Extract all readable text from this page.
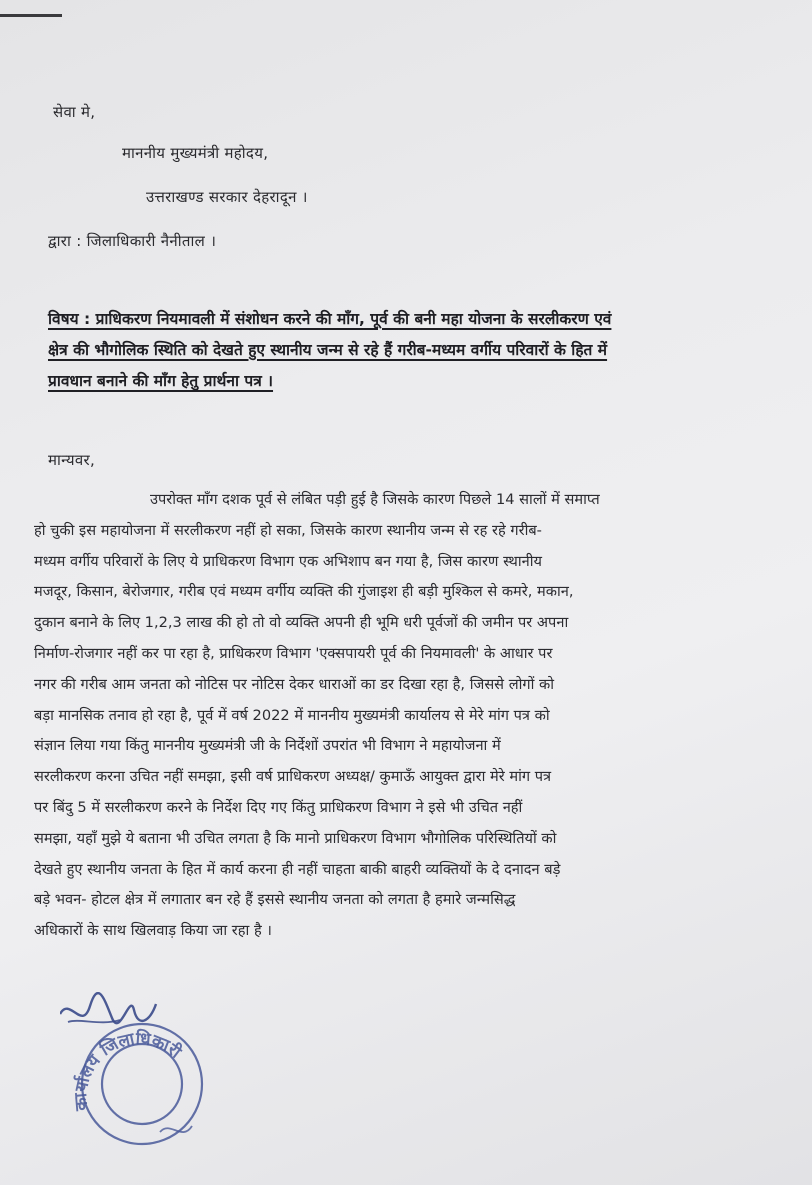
सेवा मे,
माननीय मुख्यमंत्री महोदय,
उत्तराखण्ड सरकार देहरादून ।
द्वारा : जिलाधिकारी नैनीताल ।
विषय : प्राधिकरण नियमावली में संशोधन करने की माँग, पूर्व की बनी महा योजना के सरलीकरण एवं
क्षेत्र की भौगोलिक स्थिति को देखते हुए स्थानीय जन्म से रहे हैं गरीब-मध्यम वर्गीय परिवारों के हित में
प्रावधान बनाने की माँग हेतु प्रार्थना पत्र ।
मान्यवर,
उपरोक्त माँग दशक पूर्व से लंबित पड़ी हुई है जिसके कारण पिछले 14 सालों में समाप्त
हो चुकी इस महायोजना में सरलीकरण नहीं हो सका, जिसके कारण स्थानीय जन्म से रह रहे गरीब-
मध्यम वर्गीय परिवारों के लिए ये प्राधिकरण विभाग एक अभिशाप बन गया है, जिस कारण स्थानीय
मजदूर, किसान, बेरोजगार, गरीब एवं मध्यम वर्गीय व्यक्ति की गुंजाइश ही बड़ी मुश्किल से कमरे, मकान,
दुकान बनाने के लिए 1,2,3 लाख की हो तो वो व्यक्ति अपनी ही भूमि धरी पूर्वजों की जमीन पर अपना
निर्माण-रोजगार नहीं कर पा रहा है, प्राधिकरण विभाग 'एक्सपायरी पूर्व की नियमावली' के आधार पर
नगर की गरीब आम जनता को नोटिस पर नोटिस देकर धाराओं का डर दिखा रहा है, जिससे लोगों को
बड़ा मानसिक तनाव हो रहा है, पूर्व में वर्ष 2022 में माननीय मुख्यमंत्री कार्यालय से मेरे मांग पत्र को
संज्ञान लिया गया किंतु माननीय मुख्यमंत्री जी के निर्देशों उपरांत भी विभाग ने महायोजना में
सरलीकरण करना उचित नहीं समझा, इसी वर्ष प्राधिकरण अध्यक्ष/ कुमाऊँ आयुक्त द्वारा मेरे मांग पत्र
पर बिंदु 5 में सरलीकरण करने के निर्देश दिए गए किंतु प्राधिकरण विभाग ने इसे भी उचित नहीं
समझा, यहाँ मुझे ये बताना भी उचित लगता है कि मानो प्राधिकरण विभाग भौगोलिक परिस्थितियों को
देखते हुए स्थानीय जनता के हित में कार्य करना ही नहीं चाहता बाकी बाहरी व्यक्तियों के दे दनादन बड़े
बड़े भवन- होटल क्षेत्र में लगातार बन रहे हैं इससे स्थानीय जनता को लगता है हमारे जन्मसिद्ध
अधिकारों के साथ खिलवाड़ किया जा रहा है ।
कार्यालय जिलाधिकारी
